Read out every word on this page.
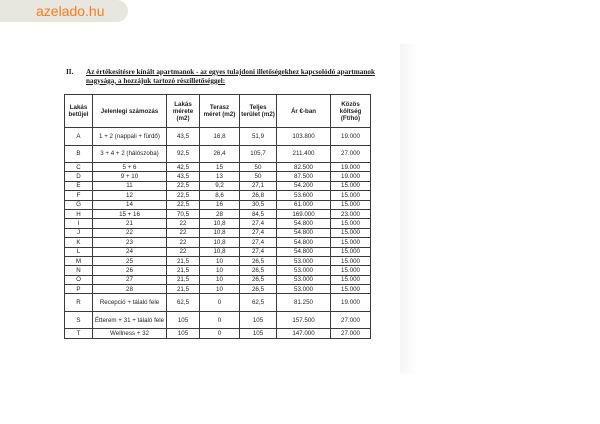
azelado.hu
II. Az értékesítésre kínált apartmanok - az egyes tulajdoni illetőségekhez kapcsolódó apartmanok nagysága, a hozzájuk tartozó részilletőséggel:
Lakás betűjel	Jelenlegi számozás	Lakás mérete (m2)	Terasz méret (m2)	Teljes terület (m2)	Ár €-ban	Közös költség (Ft/hó)
A	1 + 2 (nappali + fürdő)	43,5	16,8	51,9	103.800	19.000
B	3 + 4 + 2 (hálószoba)	92,5	26,4	105,7	211.400	27.000
C	5 + 6	42,5	15	50	82.500	19.000
D	9 + 10	43,5	13	50	87.500	19.000
E	11	22,5	9,2	27,1	54.200	15.000
F	12	22,5	8,6	26,8	53.600	15.000
G	14	22,5	16	30,5	61.000	15.000
H	15 + 16	70,5	28	84,5	169.000	23.000
I	21	22	10,8	27,4	54.800	15.000
J	22	22	10,8	27,4	54.800	15.000
K	23	22	10,8	27,4	54.800	15.000
L	24	22	10,8	27,4	54.800	15.000
M	25	21,5	10	26,5	53.000	15.000
N	26	21,5	10	26,5	53.000	15.000
O	27	21,5	10	26,5	53.000	15.000
P	28	21,5	10	26,5	53.000	15.000
R	Recepció + tálaló fele	62,5	0	62,5	81.250	19.000
S	Étterem + 31 + tálaló fele	105	0	105	157.500	27.000
T	Wellness + 32	105	0	105	147.000	27.000
